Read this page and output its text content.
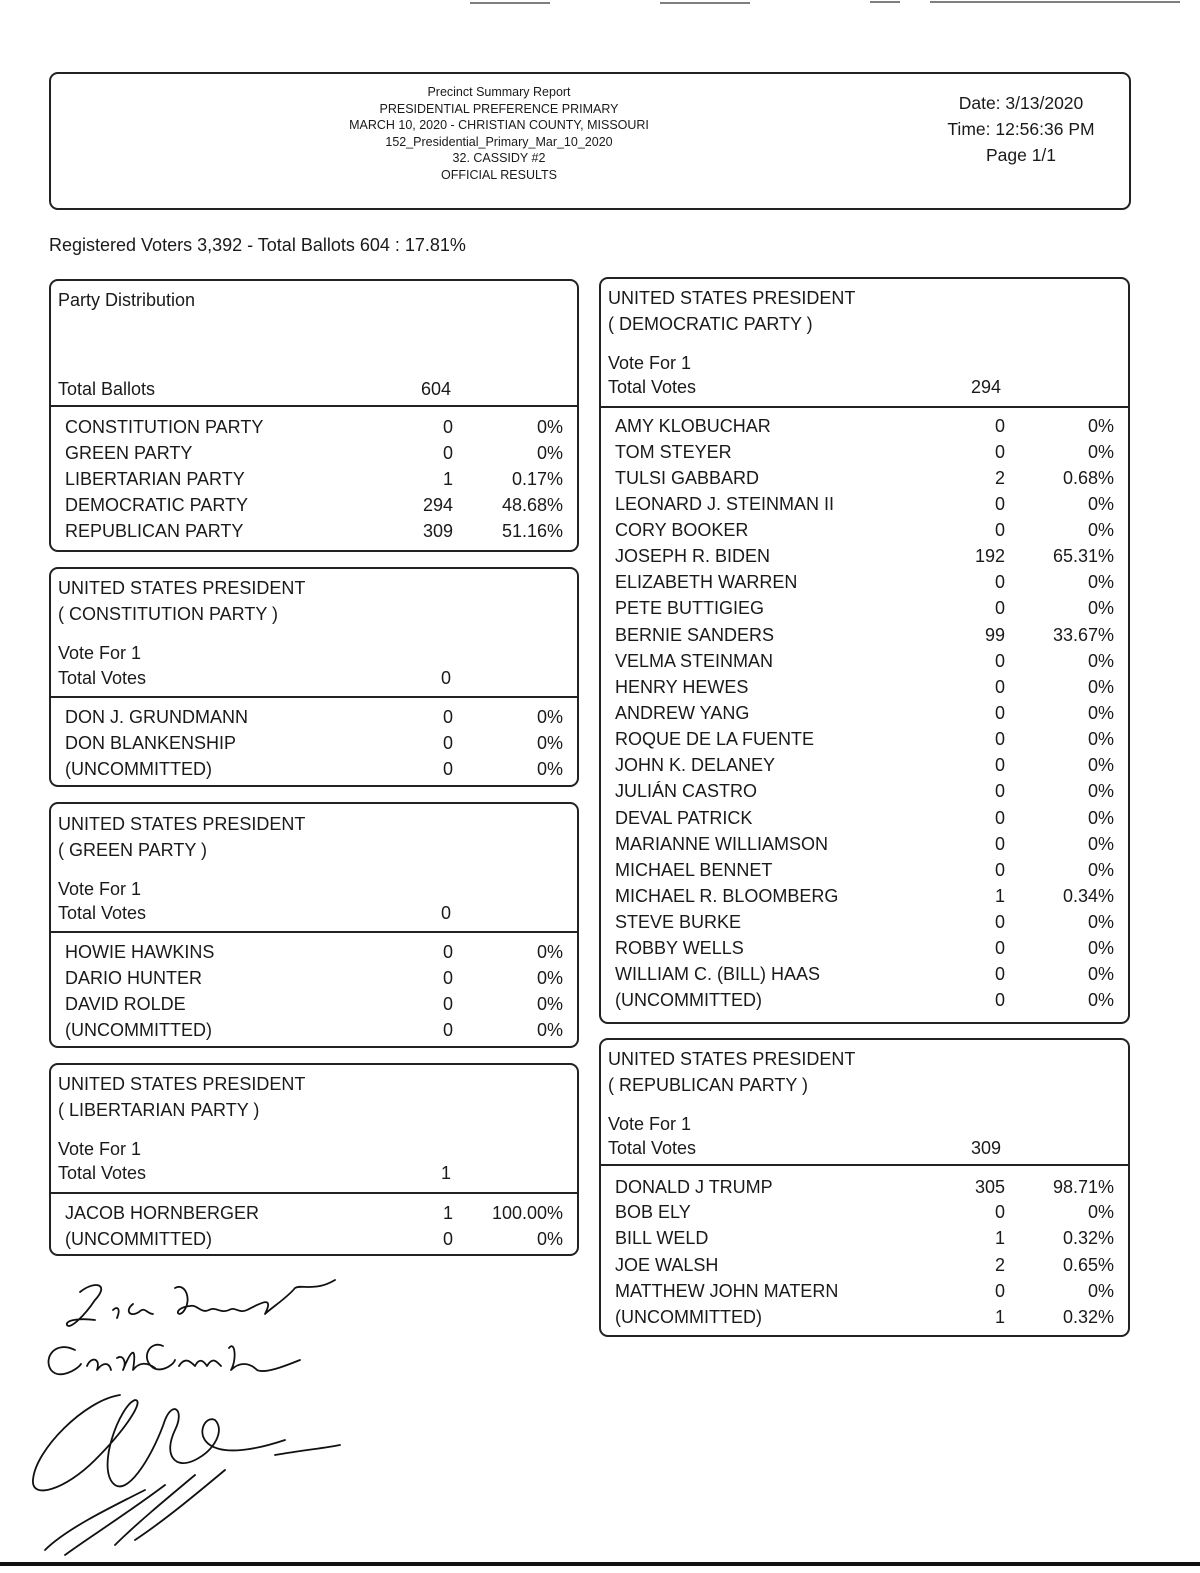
Precinct Summary Report
PRESIDENTIAL PREFERENCE PRIMARY
MARCH 10, 2020 - CHRISTIAN COUNTY, MISSOURI
152_Presidential_Primary_Mar_10_2020
32. CASSIDY #2
OFFICIAL RESULTS
Date: 3/13/2020
Time: 12:56:36 PM
Page 1/1
Registered Voters 3,392 - Total Ballots 604 : 17.81%
Party Distribution
Total Ballots	604
CONSTITUTION PARTY	0	0%
GREEN PARTY	0	0%
LIBERTARIAN PARTY	1	0.17%
DEMOCRATIC PARTY	294	48.68%
REPUBLICAN PARTY	309	51.16%
UNITED STATES PRESIDENT
( CONSTITUTION PARTY )
Vote For 1
Total Votes	0
DON J. GRUNDMANN	0	0%
DON BLANKENSHIP	0	0%
(UNCOMMITTED)	0	0%
UNITED STATES PRESIDENT
( GREEN PARTY )
Vote For 1
Total Votes	0
HOWIE HAWKINS	0	0%
DARIO HUNTER	0	0%
DAVID ROLDE	0	0%
(UNCOMMITTED)	0	0%
UNITED STATES PRESIDENT
( LIBERTARIAN PARTY )
Vote For 1
Total Votes	1
JACOB HORNBERGER	1	100.00%
(UNCOMMITTED)	0	0%
UNITED STATES PRESIDENT
( DEMOCRATIC PARTY )
Vote For 1
Total Votes	294
AMY KLOBUCHAR	0	0%
TOM STEYER	0	0%
TULSI GABBARD	2	0.68%
LEONARD J. STEINMAN II	0	0%
CORY BOOKER	0	0%
JOSEPH R. BIDEN	192	65.31%
ELIZABETH WARREN	0	0%
PETE BUTTIGIEG	0	0%
BERNIE SANDERS	99	33.67%
VELMA STEINMAN	0	0%
HENRY HEWES	0	0%
ANDREW YANG	0	0%
ROQUE DE LA FUENTE	0	0%
JOHN K. DELANEY	0	0%
JULIÁN CASTRO	0	0%
DEVAL PATRICK	0	0%
MARIANNE WILLIAMSON	0	0%
MICHAEL BENNET	0	0%
MICHAEL R. BLOOMBERG	1	0.34%
STEVE BURKE	0	0%
ROBBY WELLS	0	0%
WILLIAM C. (BILL) HAAS	0	0%
(UNCOMMITTED)	0	0%
UNITED STATES PRESIDENT
( REPUBLICAN PARTY )
Vote For 1
Total Votes	309
DONALD J TRUMP	305	98.71%
BOB ELY	0	0%
BILL WELD	1	0.32%
JOE WALSH	2	0.65%
MATTHEW JOHN MATERN	0	0%
(UNCOMMITTED)	1	0.32%
